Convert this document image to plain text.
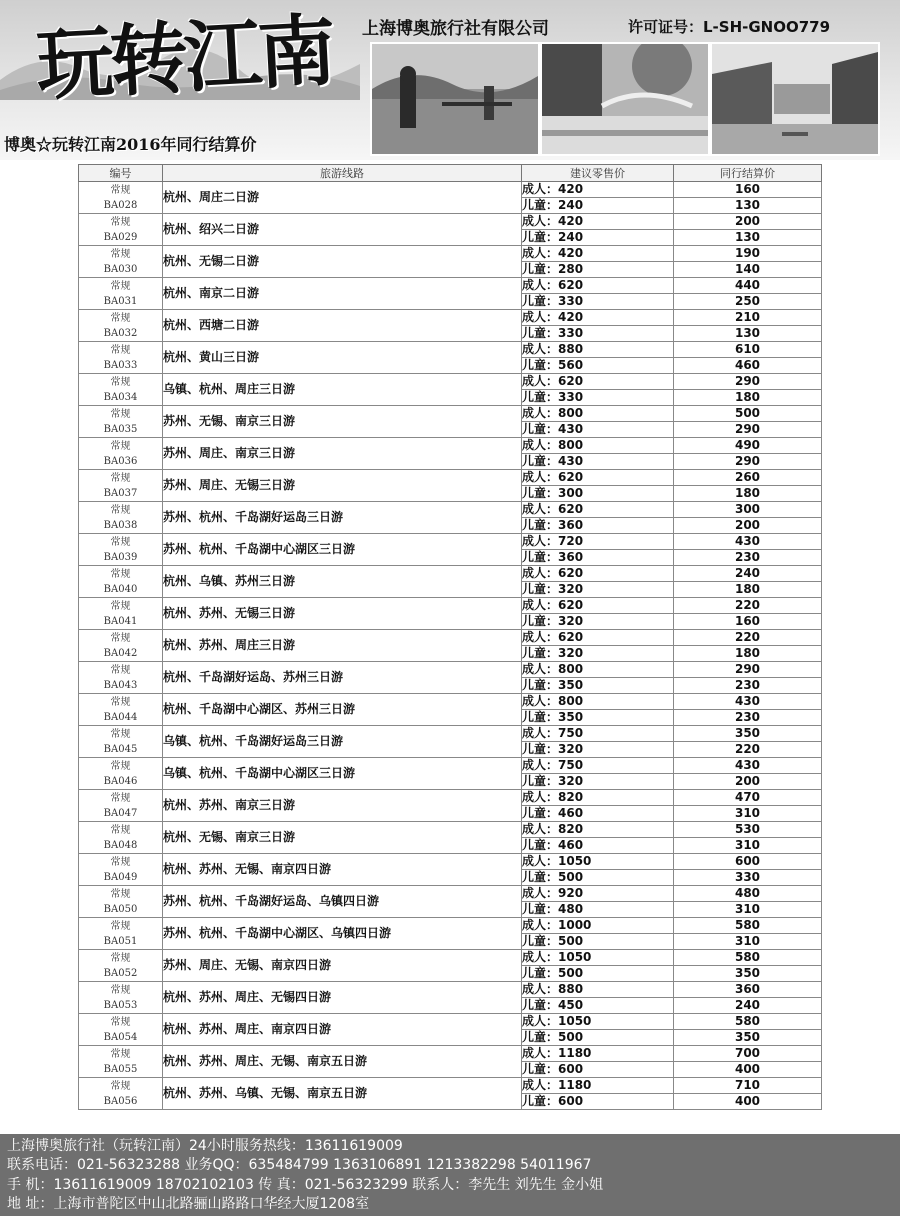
玩转江南 上海博奥旅行社有限公司	许可证号：L-SH-GNOO779
博奥☆玩转江南2016年同行结算价
编号	旅游线路	建议零售价	同行结算价

常规
BA028	杭州、周庄二日游	成人：420	160
		儿童：240	130

常规
BA029	杭州、绍兴二日游	成人：420	200
		儿童：240	130

常规
BA030	杭州、无锡二日游	成人：420	190
		儿童：280	140

常规
BA031	杭州、南京二日游	成人：620	440
		儿童：330	250

常规
BA032	杭州、西塘二日游	成人：420	210
		儿童：330	130

常规
BA033	杭州、黄山三日游	成人：880	610
		儿童：560	460

常规
BA034	乌镇、杭州、周庄三日游	成人：620	290
		儿童：330	180

常规
BA035	苏州、无锡、南京三日游	成人：800	500
		儿童：430	290

常规
BA036	苏州、周庄、南京三日游	成人：800	490
		儿童：430	290

常规
BA037	苏州、周庄、无锡三日游	成人：620	260
		儿童：300	180

常规
BA038	苏州、杭州、千岛湖好运岛三日游	成人：620	300
		儿童：360	200

常规
BA039	苏州、杭州、千岛湖中心湖区三日游	成人：720	430
		儿童：360	230

常规
BA040	杭州、乌镇、苏州三日游	成人：620	240
		儿童：320	180

常规
BA041	杭州、苏州、无锡三日游	成人：620	220
		儿童：320	160

常规
BA042	杭州、苏州、周庄三日游	成人：620	220
		儿童：320	180

常规
BA043	杭州、千岛湖好运岛、苏州三日游	成人：800	290
		儿童：350	230

常规
BA044	杭州、千岛湖中心湖区、苏州三日游	成人：800	430
		儿童：350	230

常规
BA045	乌镇、杭州、千岛湖好运岛三日游	成人：750	350
		儿童：320	220

常规
BA046	乌镇、杭州、千岛湖中心湖区三日游	成人：750	430
		儿童：320	200

常规
BA047	杭州、苏州、南京三日游	成人：820	470
		儿童：460	310

常规
BA048	杭州、无锡、南京三日游	成人：820	530
		儿童：460	310

常规
BA049	杭州、苏州、无锡、南京四日游	成人：1050	600
		儿童：500	330

常规
BA050	苏州、杭州、千岛湖好运岛、乌镇四日游	成人：920	480
		儿童：480	310

常规
BA051	苏州、杭州、千岛湖中心湖区、乌镇四日游	成人：1000	580
		儿童：500	310

常规
BA052	苏州、周庄、无锡、南京四日游	成人：1050	580
		儿童：500	350

常规
BA053	杭州、苏州、周庄、无锡四日游	成人：880	360
		儿童：450	240

常规
BA054	杭州、苏州、周庄、南京四日游	成人：1050	580
		儿童：500	350

常规
BA055	杭州、苏州、周庄、无锡、南京五日游	成人：1180	700
		儿童：600	400

常规
BA056	杭州、苏州、乌镇、无锡、南京五日游	成人：1180	710
		儿童：600	400
上海博奥旅行社（玩转江南）24小时服务热线：13611619009
联系电话：021-56323288 业务QQ：635484799 1363106891 1213382298 54011967
手 机：13611619009 18702102103 传 真：021-56323299 联系人：李先生 刘先生 金小姐
地 址：上海市普陀区中山北路骊山路路口华经大厦1208室
